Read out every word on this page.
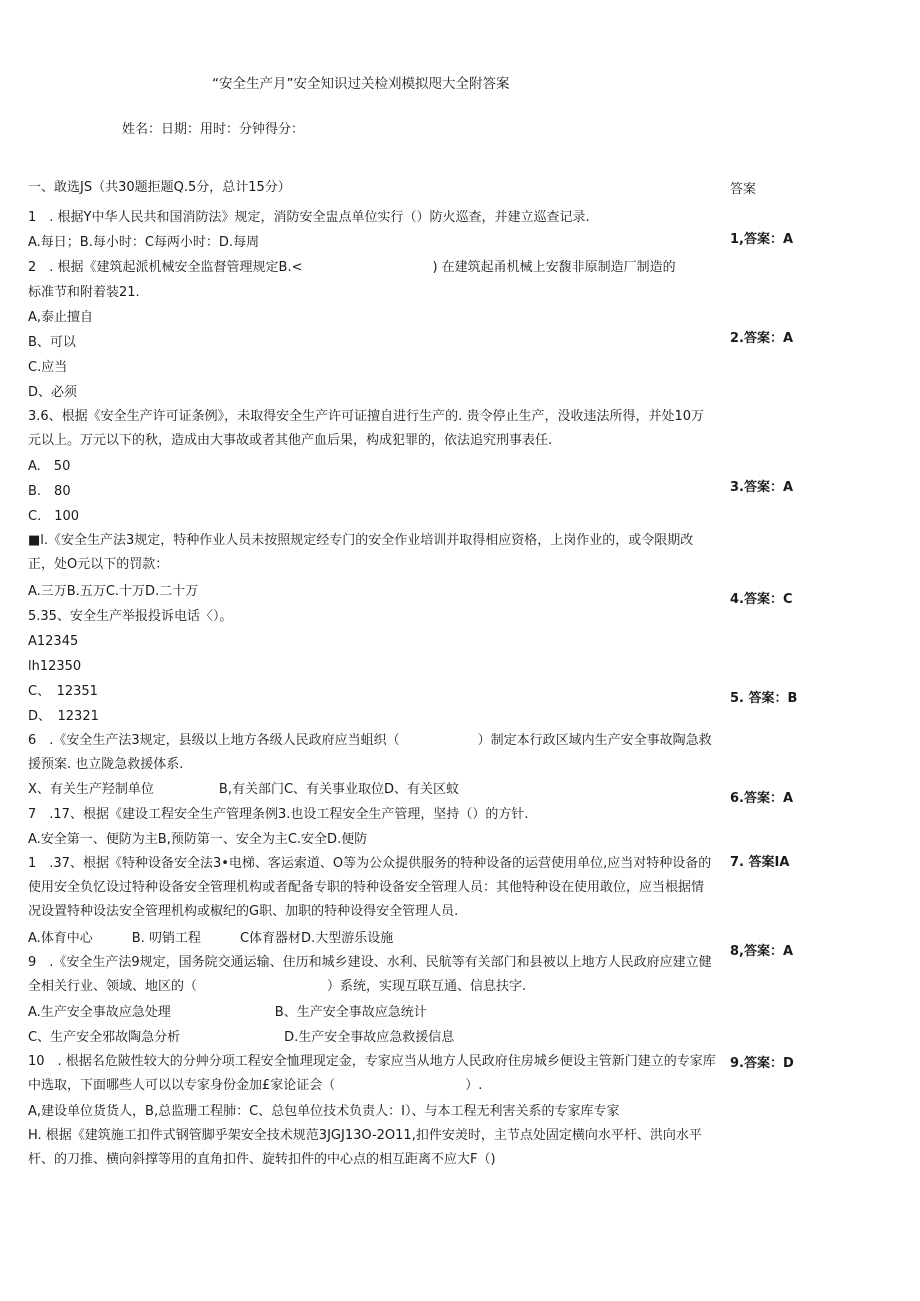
“安全生产月”安全知识过关检刈模拟咫大全附答案
姓名：日期：用时：分钟得分：
一、敢选JS（共30题拒题Q.5分，总计15分）	答案
1　. 根据Y中华人民共和国消防法》规定，消防安全盅点单位实行（）防火巡查，并建立巡查记录.
A.每日；B.每小时：C每两小时：D.每周
2　. 根据《建筑起派机械安全监督管理规定B.<　　　　　　　　　　) 在建筑起甬机械上安馥非原制造厂制造的
标准节和附着装21.
A,泰止擅自
B、可以
C.应当
D、必须
3.6、根据《安全生产许可证条例》，未取得安全生产许可证擅自进行生产的. 贵令停止生产，没收违法所得，并处10万元以上。万元以下的秋，造成由大事故或者其他产血后果，构成犯罪的，依法追究刑事表任.
A.　50
B.　80
C.　100
■l.《安全生产法3规定，特种作业人员未按照规定经专门的安全作业培训并取得相应资格，上岗作业的，或令限期改正，处O元以下的罚款：
A.三万B.五万C.十万D.二十万
5.35、安全生产举报投诉电话〈）。
A12345
lh12350
C、　12351
D、　12321
6　.《安全生产法3规定，县级以上地方各级人民政府应当蛆织（　　　　　　）制定本行政区域内生产安全事故陶急救援预案. 也立陇急救援体系.
X、有关生产羟制单位　　　　　B,有关部门C、有关事业取位D、有关区蚊
7　.17、根据《建设工程安全生产管理条例3.也设工程安全生产管理，坚持（）的方针.
A.安全第一、便防为主B,预防第一、安全为主C.安全D.便防
1　.37、根据《特种设备安全法3•电梯、客运索道、O等为公众提供服务的特种设备的运营使用单位,应当对特种设备的使用安全负忆设过特种设备安全管理机构或者配备专职的特种设备安全管理人员：其他特种设在使用敢位，应当根据情况设置特种设法安全管理机构或椒纪的G职、加职的特种设得安全管理人员.
A.体育中心　　　B. 叨销工程　　　C体育器材D.大型游乐设施
9　.《安全生产法9规定，国务院交通运输、住历和城乡建设、水利、民航等有关部门和县被以上地方人民政府应建立健全相关行业、领域、地区的（　　　　　　　　　　）系统，实现互联互通、信息扶字.
A.生产安全事故应急处理　　　　　　　　B、生产安全事故应急统计
C、生产安全邪故陶急分析　　　　　　　　D.生产安全事故应急救援信息
10　. 根据名危陂性较大的分艸分项工程安全恤理现定金，专家应当从地方人民政府住房城乡便设主管新门建立的专家库中选取，下面哪些人可以以专家身份金加£家论证会（　　　　　　　　　　）.
A,建设单位货货人，B,总监珊工程肺：C、总包单位技术负责人：I）、与本工程无利害关系的专家库专家
H. 根据《建筑施工扣件式钢管脚乎架安全技术规范3JGJ13O-2O11,扣件安羙时，主节点处固定横向水平杆、洪向水平杆、的刀推、横向斜撑等用的直角扣件、旋转扣件的中心点的相互距离不应大F（)
1,答案：A
2.答案：A
3.答案：A
4.答案：C
5. 答案：B
6.答案：A
7. 答案IA
8,答案：A
9.答案：D
